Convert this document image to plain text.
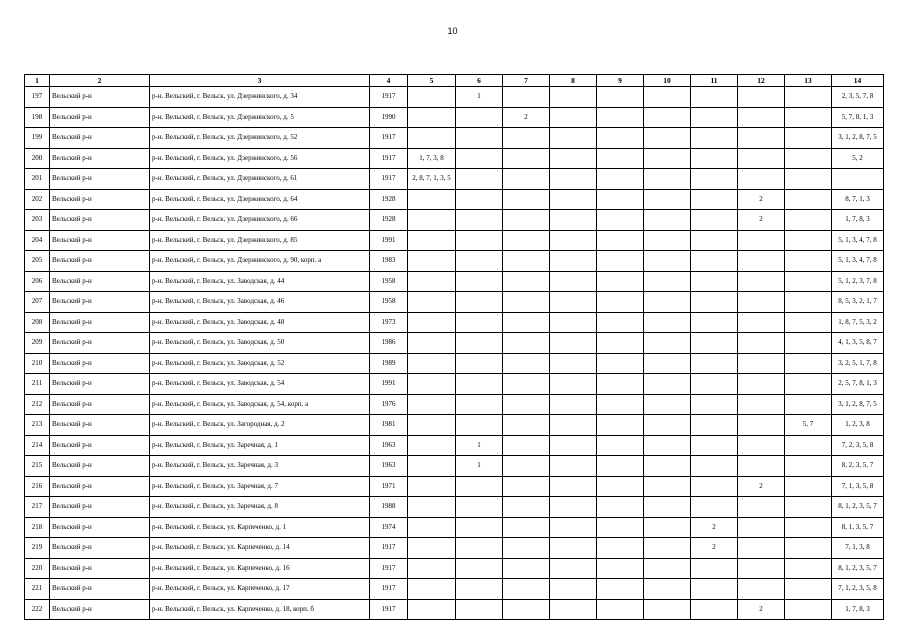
10
1	2	3	4	5	6	7	8	9	10	11	12	13	14
197	Вельский р-н	р-н. Вельский, г. Вельск, ул. Дзержинского, д. 34	1917		1								2, 3, 5, 7, 8
198	Вельский р-н	р-н. Вельский, г. Вельск, ул. Дзержинского, д. 5	1990			2							5, 7, 8, 1, 3
199	Вельский р-н	р-н. Вельский, г. Вельск, ул. Дзержинского, д. 52	1917										3, 1, 2, 8, 7, 5
200	Вельский р-н	р-н. Вельский, г. Вельск, ул. Дзержинского, д. 56	1917	1, 7, 3, 8									5, 2
201	Вельский р-н	р-н. Вельский, г. Вельск, ул. Дзержинского, д. 61	1917	2, 8, 7, 1, 3, 5									
202	Вельский р-н	р-н. Вельский, г. Вельск, ул. Дзержинского, д. 64	1928								2		8, 7, 1, 3
203	Вельский р-н	р-н. Вельский, г. Вельск, ул. Дзержинского, д. 66	1928								2		1, 7, 8, 3
204	Вельский р-н	р-н. Вельский, г. Вельск, ул. Дзержинского, д. 85	1991										5, 1, 3, 4, 7, 8
205	Вельский р-н	р-н. Вельский, г. Вельск, ул. Дзержинского, д. 90, корп. а	1983										5, 1, 3, 4, 7, 8
206	Вельский р-н	р-н. Вельский, г. Вельск, ул. Заводская, д. 44	1958										5, 1, 2, 3, 7, 8
207	Вельский р-н	р-н. Вельский, г. Вельск, ул. Заводская, д. 46	1958										8, 5, 3, 2, 1, 7
208	Вельский р-н	р-н. Вельский, г. Вельск, ул. Заводская, д. 48	1973										1, 8, 7, 5, 3, 2
209	Вельский р-н	р-н. Вельский, г. Вельск, ул. Заводская, д. 50	1986										4, 1, 3, 5, 8, 7
210	Вельский р-н	р-н. Вельский, г. Вельск, ул. Заводская, д. 52	1989										3, 2, 5, 1, 7, 8
211	Вельский р-н	р-н. Вельский, г. Вельск, ул. Заводская, д. 54	1991										2, 5, 7, 8, 1, 3
212	Вельский р-н	р-н. Вельский, г. Вельск, ул. Заводская, д. 54, корп. а	1976										3, 1, 2, 8, 7, 5
213	Вельский р-н	р-н. Вельский, г. Вельск, ул. Загородная, д. 2	1981									5, 7	1, 2, 3, 8
214	Вельский р-н	р-н. Вельский, г. Вельск, ул. Заречная, д. 1	1963		1								7, 2, 3, 5, 8
215	Вельский р-н	р-н. Вельский, г. Вельск, ул. Заречная, д. 3	1963		1								8, 2, 3, 5, 7
216	Вельский р-н	р-н. Вельский, г. Вельск, ул. Заречная, д. 7	1971								2		7, 1, 3, 5, 8
217	Вельский р-н	р-н. Вельский, г. Вельск, ул. Заречная, д. 8	1988										8, 1, 2, 3, 5, 7
218	Вельский р-н	р-н. Вельский, г. Вельск, ул. Карпеченко, д. 1	1974							2			8, 1, 3, 5, 7
219	Вельский р-н	р-н. Вельский, г. Вельск, ул. Карпеченко, д. 14	1917							2			7, 1, 3, 8
220	Вельский р-н	р-н. Вельский, г. Вельск, ул. Карпеченко, д. 16	1917										8, 1, 2, 3, 5, 7
221	Вельский р-н	р-н. Вельский, г. Вельск, ул. Карпеченко, д. 17	1917										7, 1, 2, 3, 5, 8
222	Вельский р-н	р-н. Вельский, г. Вельск, ул. Карпеченко, д. 18, корп. б	1917								2		1, 7, 8, 3
